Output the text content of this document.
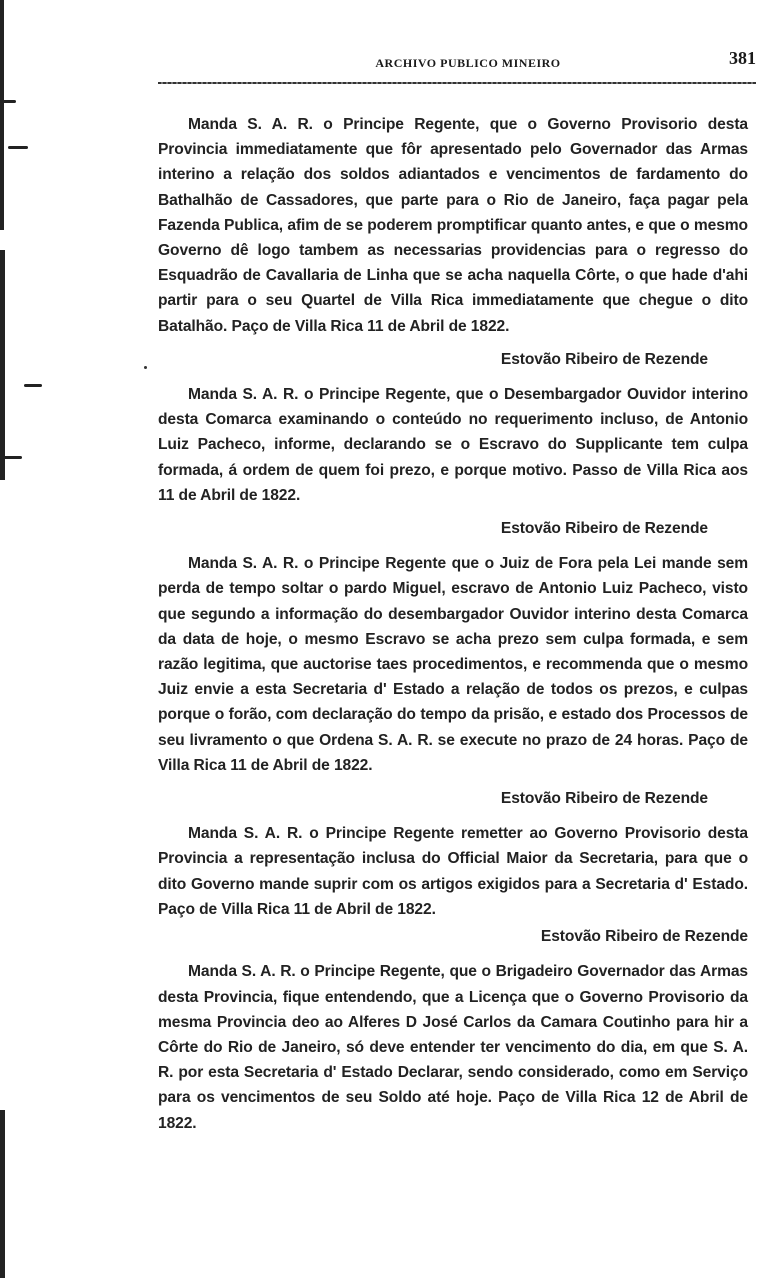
ARCHIVO PUBLICO MINEIRO	381

Manda S. A. R. o Principe Regente, que o Governo Provisorio desta Provincia immediatamente que fôr apresentado pelo Governador das Armas interino a relação dos soldos adiantados e vencimentos de fardamento do Bathalhão de Cassadores, que parte para o Rio de Janeiro, faça pagar pela Fazenda Publica, afim de se poderem promptificar quanto antes, e que o mesmo Governo dê logo tambem as necessarias providencias para o regresso do Esquadrão de Cavallaria de Linha que se acha naquella Côrte, o que hade d'ahi partir para o seu Quartel de Villa Rica immediatamente que chegue o dito Batalhão. Paço de Villa Rica 11 de Abril de 1822.

Estovão Ribeiro de Rezende

Manda S. A. R. o Principe Regente, que o Desembargador Ouvidor interino desta Comarca examinando o conteúdo no requerimento incluso, de Antonio Luiz Pacheco, informe, declarando se o Escravo do Supplicante tem culpa formada, á ordem de quem foi prezo, e porque motivo. Passo de Villa Rica aos 11 de Abril de 1822.

Estovão Ribeiro de Rezende

Manda S. A. R. o Principe Regente que o Juiz de Fora pela Lei mande sem perda de tempo soltar o pardo Miguel, escravo de Antonio Luiz Pacheco, visto que segundo a informação do desembargador Ouvidor interino desta Comarca da data de hoje, o mesmo Escravo se acha prezo sem culpa formada, e sem razão legitima, que auctorise taes procedimentos, e recommenda que o mesmo Juiz envie a esta Secretaria d' Estado a relação de todos os prezos, e culpas porque o forão, com declaração do tempo da prisão, e estado dos Processos de seu livramento o que Ordena S. A. R. se execute no prazo de 24 horas. Paço de Villa Rica 11 de Abril de 1822.

Estovão Ribeiro de Rezende

Manda S. A. R. o Principe Regente remetter ao Governo Provisorio desta Provincia a representação inclusa do Official Maior da Secretaria, para que o dito Governo mande suprir com os artigos exigidos para a Secretaria d' Estado. Paço de Villa Rica 11 de Abril de 1822.

Estovão Ribeiro de Rezende

Manda S. A. R. o Principe Regente, que o Brigadeiro Governador das Armas desta Provincia, fique entendendo, que a Licença que o Governo Provisorio da mesma Provincia deo ao Alferes D José Carlos da Camara Coutinho para hir a Côrte do Rio de Janeiro, só deve entender ter vencimento do dia, em que S. A. R. por esta Secretaria d' Estado Declarar, sendo considerado, como em Serviço para os vencimentos de seu Soldo até hoje. Paço de Villa Rica 12 de Abril de 1822.
